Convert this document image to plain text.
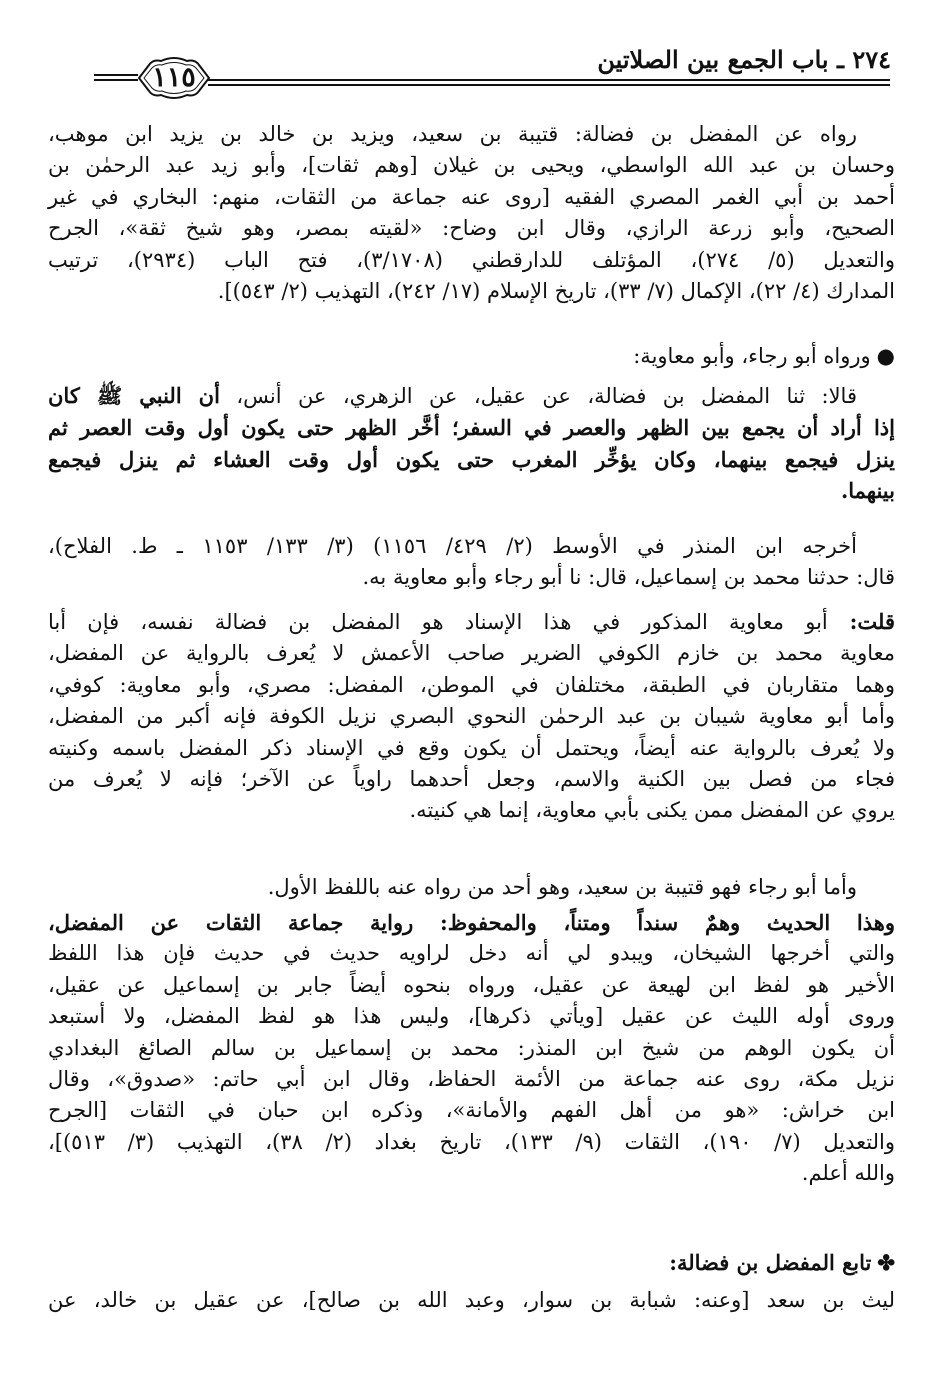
٢٧٤ ـ باب الجمع بين الصلاتين
١١٥
رواه عن المفضل بن فضالة: قتيبة بن سعيد، ويزيد بن خالد بن يزيد ابن موهب،
وحسان بن عبد الله الواسطي، ويحيى بن غيلان [وهم ثقات]، وأبو زيد عبد الرحمٰن بن
أحمد بن أبي الغمر المصري الفقيه [روى عنه جماعة من الثقات، منهم: البخاري في غير
الصحيح، وأبو زرعة الرازي، وقال ابن وضاح: «لقيته بمصر، وهو شيخ ثقة»، الجرح
والتعديل (٥/ ٢٧٤)، المؤتلف للدارقطني (٣/١٧٠٨)، فتح الباب (٢٩٣٤)، ترتيب
المدارك (٤/ ٢٢)، الإكمال (٧/ ٣٣)، تاريخ الإسلام (١٧/ ٢٤٢)، التهذيب (٢/ ٥٤٣)].
●ورواه أبو رجاء، وأبو معاوية:
قالا: ثنا المفضل بن فضالة، عن عقيل، عن الزهري، عن أنس، أن النبي ﷺ كان
إذا أراد أن يجمع بين الظهر والعصر في السفر؛ أخَّر الظهر حتى يكون أول وقت العصر ثم
ينزل فيجمع بينهما، وكان يؤخِّر المغرب حتى يكون أول وقت العشاء ثم ينزل فيجمع
بينهما.
أخرجه ابن المنذر في الأوسط (٢/ ٤٢٩/ ١١٥٦) (٣/ ١٣٣/ ١١٥٣ ـ ط. الفلاح)،
قال: حدثنا محمد بن إسماعيل، قال: نا أبو رجاء وأبو معاوية به.
قلت: أبو معاوية المذكور في هذا الإسناد هو المفضل بن فضالة نفسه، فإن أبا
معاوية محمد بن خازم الكوفي الضرير صاحب الأعمش لا يُعرف بالرواية عن المفضل،
وهما متقاربان في الطبقة، مختلفان في الموطن، المفضل: مصري، وأبو معاوية: كوفي،
وأما أبو معاوية شيبان بن عبد الرحمٰن النحوي البصري نزيل الكوفة فإنه أكبر من المفضل،
ولا يُعرف بالرواية عنه أيضاً، ويحتمل أن يكون وقع في الإسناد ذكر المفضل باسمه وكنيته
فجاء من فصل بين الكنية والاسم، وجعل أحدهما راوياً عن الآخر؛ فإنه لا يُعرف من
يروي عن المفضل ممن يكنى بأبي معاوية، إنما هي كنيته.
وأما أبو رجاء فهو قتيبة بن سعيد، وهو أحد من رواه عنه باللفظ الأول.
وهذا الحديث وهمٌ سنداً ومتناً، والمحفوظ: رواية جماعة الثقات عن المفضل،
والتي أخرجها الشيخان، ويبدو لي أنه دخل لراويه حديث في حديث فإن هذا اللفظ
الأخير هو لفظ ابن لهيعة عن عقيل، ورواه بنحوه أيضاً جابر بن إسماعيل عن عقيل،
وروى أوله الليث عن عقيل [ويأتي ذكرها]، وليس هذا هو لفظ المفضل، ولا أستبعد
أن يكون الوهم من شيخ ابن المنذر: محمد بن إسماعيل بن سالم الصائغ البغدادي
نزيل مكة، روى عنه جماعة من الأئمة الحفاظ، وقال ابن أبي حاتم: «صدوق»، وقال
ابن خراش: «هو من أهل الفهم والأمانة»، وذكره ابن حبان في الثقات [الجرح
والتعديل (٧/ ١٩٠)، الثقات (٩/ ١٣٣)، تاريخ بغداد (٢/ ٣٨)، التهذيب (٣/ ٥١٣)]،
والله أعلم.
✤تابع المفضل بن فضالة:
ليث بن سعد [وعنه: شبابة بن سوار، وعبد الله بن صالح]، عن عقيل بن خالد، عن
